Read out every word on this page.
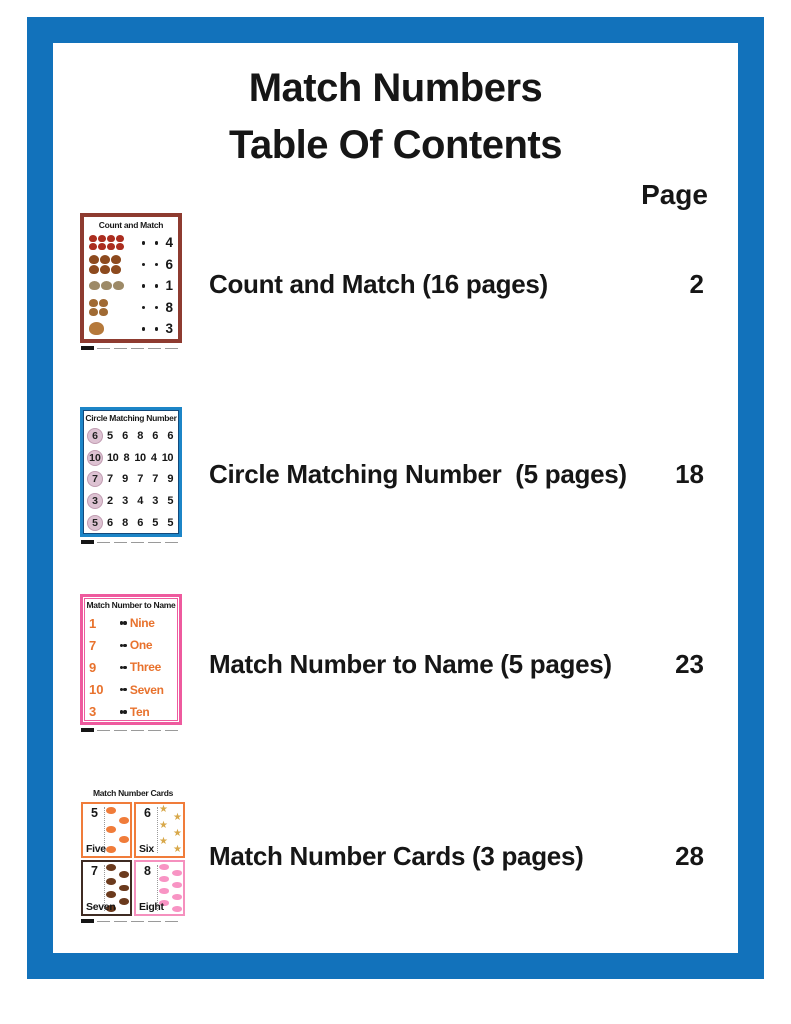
Match Numbers
Table Of Contents
Page
Count and Match (16 pages)	2
Circle Matching Number  (5 pages) 18
Match Number to Name (5 pages) 23
Match Number Cards (3 pages)	28
Count and Match
4
6
1
8
3
Circle Matching Number
6 5 6 8 6 6
10 10 8 10 4 10
7 7 9 7 7 9
3 2 3 4 3 5
5 6 8 6 5 5
Match Number to Name
1	Nine
7	One
9	Three
10 Seven
3	Ten
Match Number Cards
5
Five
6 ★
★
★
★
★
★
Six
7
Seven
8
Eight
